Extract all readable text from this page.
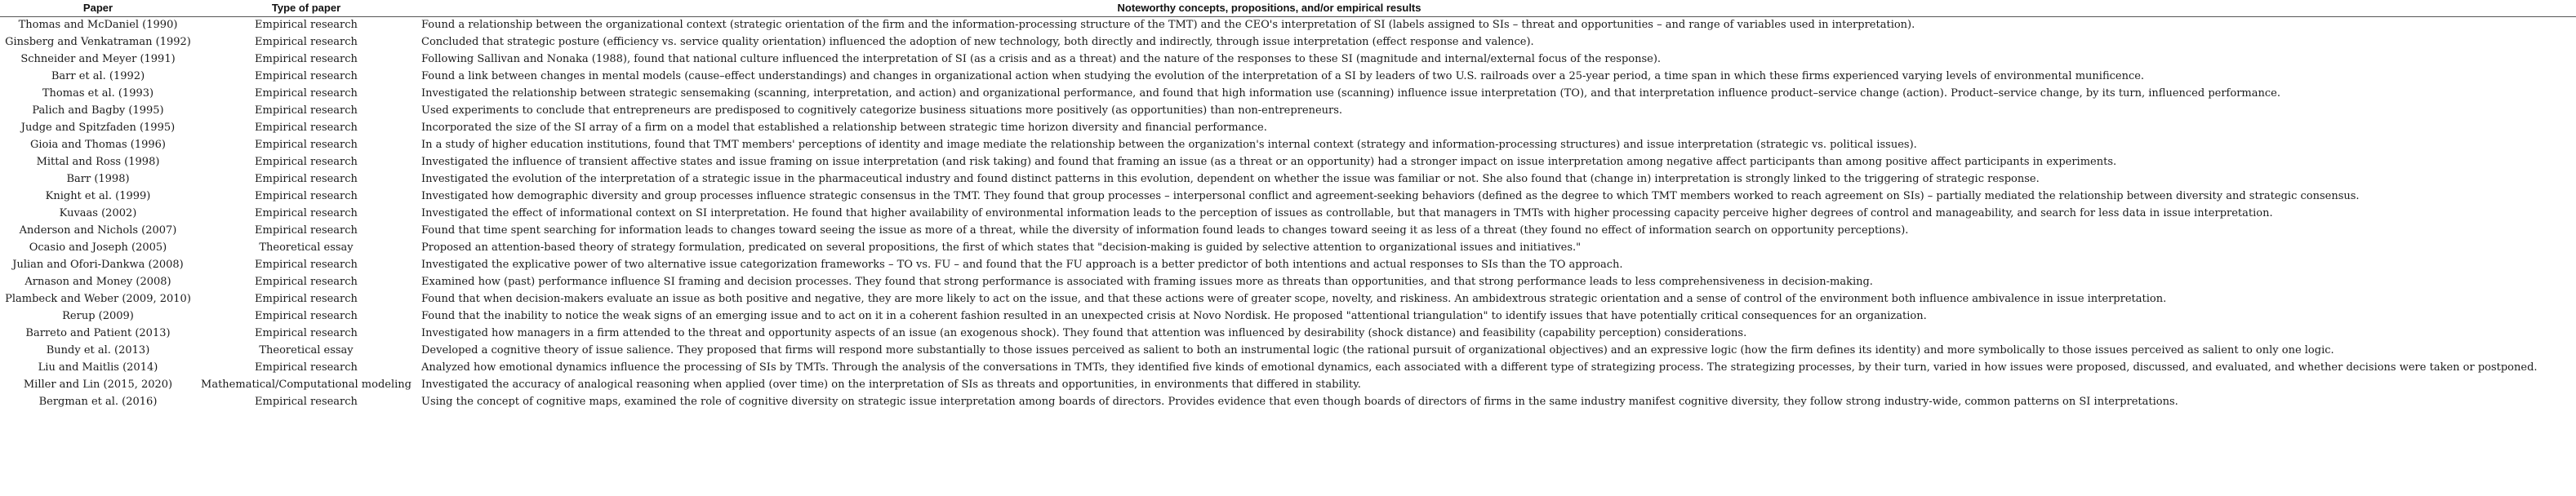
Paper	Type of paper	Noteworthy concepts, propositions, and/or empirical results
Thomas and McDaniel (1990)	Empirical research	Found a relationship between the organizational context (strategic orientation of the firm and the information-processing structure of the TMT) and the CEO's interpretation of SI (labels assigned to SIs – threat and opportunities – and range of variables used in interpretation).
Ginsberg and Venkatraman (1992)	Empirical research	Concluded that strategic posture (efficiency vs. service quality orientation) influenced the adoption of new technology, both directly and indirectly, through issue interpretation (effect response and valence).
Schneider and Meyer (1991)	Empirical research	Following Sallivan and Nonaka (1988), found that national culture influenced the interpretation of SI (as a crisis and as a threat) and the nature of the responses to these SI (magnitude and internal/external focus of the response).
Barr et al. (1992)	Empirical research	Found a link between changes in mental models (cause–effect understandings) and changes in organizational action when studying the evolution of the interpretation of a SI by leaders of two U.S. railroads over a 25-year period, a time span in which these firms experienced varying levels of environmental munificence.
Thomas et al. (1993)	Empirical research	Investigated the relationship between strategic sensemaking (scanning, interpretation, and action) and organizational performance, and found that high information use (scanning) influence issue interpretation (TO), and that interpretation influence product–service change (action). Product–service change, by its turn, influenced performance.
Palich and Bagby (1995)	Empirical research	Used experiments to conclude that entrepreneurs are predisposed to cognitively categorize business situations more positively (as opportunities) than non-entrepreneurs.
Judge and Spitzfaden (1995)	Empirical research	Incorporated the size of the SI array of a firm on a model that established a relationship between strategic time horizon diversity and financial performance.
Gioia and Thomas (1996)	Empirical research	In a study of higher education institutions, found that TMT members' perceptions of identity and image mediate the relationship between the organization's internal context (strategy and information-processing structures) and issue interpretation (strategic vs. political issues).
Mittal and Ross (1998)	Empirical research	Investigated the influence of transient affective states and issue framing on issue interpretation (and risk taking) and found that framing an issue (as a threat or an opportunity) had a stronger impact on issue interpretation among negative affect participants than among positive affect participants in experiments.
Barr (1998)	Empirical research	Investigated the evolution of the interpretation of a strategic issue in the pharmaceutical industry and found distinct patterns in this evolution, dependent on whether the issue was familiar or not. She also found that (change in) interpretation is strongly linked to the triggering of strategic response.
Knight et al. (1999)	Empirical research	Investigated how demographic diversity and group processes influence strategic consensus in the TMT. They found that group processes – interpersonal conflict and agreement-seeking behaviors (defined as the degree to which TMT members worked to reach agreement on SIs) – partially mediated the relationship between diversity and strategic consensus.
Kuvaas (2002)	Empirical research	Investigated the effect of informational context on SI interpretation. He found that higher availability of environmental information leads to the perception of issues as controllable, but that managers in TMTs with higher processing capacity perceive higher degrees of control and manageability, and search for less data in issue interpretation.
Anderson and Nichols (2007)	Empirical research	Found that time spent searching for information leads to changes toward seeing the issue as more of a threat, while the diversity of information found leads to changes toward seeing it as less of a threat (they found no effect of information search on opportunity perceptions).
Ocasio and Joseph (2005)	Theoretical essay	Proposed an attention-based theory of strategy formulation, predicated on several propositions, the first of which states that "decision-making is guided by selective attention to organizational issues and initiatives."
Julian and Ofori-Dankwa (2008)	Empirical research	Investigated the explicative power of two alternative issue categorization frameworks – TO vs. FU – and found that the FU approach is a better predictor of both intentions and actual responses to SIs than the TO approach.
Arnason and Money (2008)	Empirical research	Examined how (past) performance influence SI framing and decision processes. They found that strong performance is associated with framing issues more as threats than opportunities, and that strong performance leads to less comprehensiveness in decision-making.
Plambeck and Weber (2009, 2010)	Empirical research	Found that when decision-makers evaluate an issue as both positive and negative, they are more likely to act on the issue, and that these actions were of greater scope, novelty, and riskiness. An ambidextrous strategic orientation and a sense of control of the environment both influence ambivalence in issue interpretation.
Rerup (2009)	Empirical research	Found that the inability to notice the weak signs of an emerging issue and to act on it in a coherent fashion resulted in an unexpected crisis at Novo Nordisk. He proposed "attentional triangulation" to identify issues that have potentially critical consequences for an organization.
Barreto and Patient (2013)	Empirical research	Investigated how managers in a firm attended to the threat and opportunity aspects of an issue (an exogenous shock). They found that attention was influenced by desirability (shock distance) and feasibility (capability perception) considerations.
Bundy et al. (2013)	Theoretical essay	Developed a cognitive theory of issue salience. They proposed that firms will respond more substantially to those issues perceived as salient to both an instrumental logic (the rational pursuit of organizational objectives) and an expressive logic (how the firm defines its identity) and more symbolically to those issues perceived as salient to only one logic.
Liu and Maitlis (2014)	Empirical research	Analyzed how emotional dynamics influence the processing of SIs by TMTs. Through the analysis of the conversations in TMTs, they identified five kinds of emotional dynamics, each associated with a different type of strategizing process. The strategizing processes, by their turn, varied in how issues were proposed, discussed, and evaluated, and whether decisions were taken or postponed.
Miller and Lin (2015, 2020)	Mathematical/Computational modeling	Investigated the accuracy of analogical reasoning when applied (over time) on the interpretation of SIs as threats and opportunities, in environments that differed in stability.
Bergman et al. (2016)	Empirical research	Using the concept of cognitive maps, examined the role of cognitive diversity on strategic issue interpretation among boards of directors. Provides evidence that even though boards of directors of firms in the same industry manifest cognitive diversity, they follow strong industry-wide, common patterns on SI interpretations.
